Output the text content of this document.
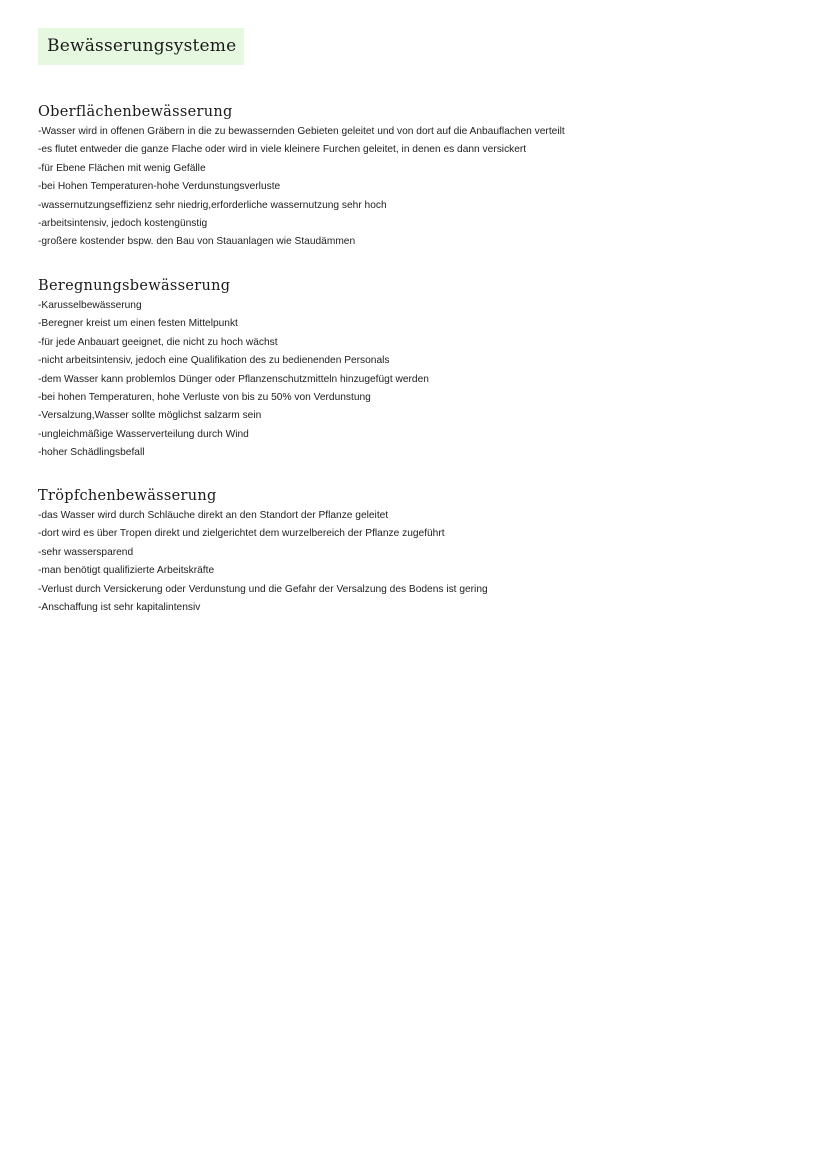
Bewässerungsysteme
Oberflächenbewässerung
-Wasser wird in offenen Gräbern in die zu bewassernden Gebieten geleitet und von dort auf die Anbauflachen verteilt
-es flutet entweder die ganze Flache oder wird in viele kleinere Furchen geleitet, in denen es dann versickert
-für Ebene Flächen mit wenig Gefälle
-bei Hohen Temperaturen-hohe Verdunstungsverluste
-wassernutzungseffizienz sehr niedrig,erforderliche wassernutzung sehr hoch
-arbeitsintensiv, jedoch kostengünstig
-großere kostender bspw. den Bau von Stauanlagen wie Staudämmen
Beregnungsbewässerung
-Karusselbewässerung
-Beregner kreist um einen festen Mittelpunkt
-für jede Anbauart geeignet, die nicht zu hoch wächst
-nicht arbeitsintensiv, jedoch eine Qualifikation des zu bedienenden Personals
-dem Wasser kann problemlos Dünger oder Pflanzenschutzmitteln hinzugefügt werden
-bei hohen Temperaturen, hohe Verluste von bis zu 50% von Verdunstung
-Versalzung,Wasser sollte möglichst salzarm sein
-ungleichmäßige Wasserverteilung durch Wind
-hoher Schädlingsbefall
Tröpfchenbewässerung
-das Wasser wird durch Schläuche direkt an den Standort der Pflanze geleitet
-dort wird es über Tropen direkt und zielgerichtet dem wurzelbereich der Pflanze zugeführt
-sehr wassersparend
-man benötigt qualifizierte Arbeitskräfte
-Verlust durch Versickerung oder Verdunstung und die Gefahr der Versalzung des Bodens ist gering
-Anschaffung ist sehr kapitalintensiv
